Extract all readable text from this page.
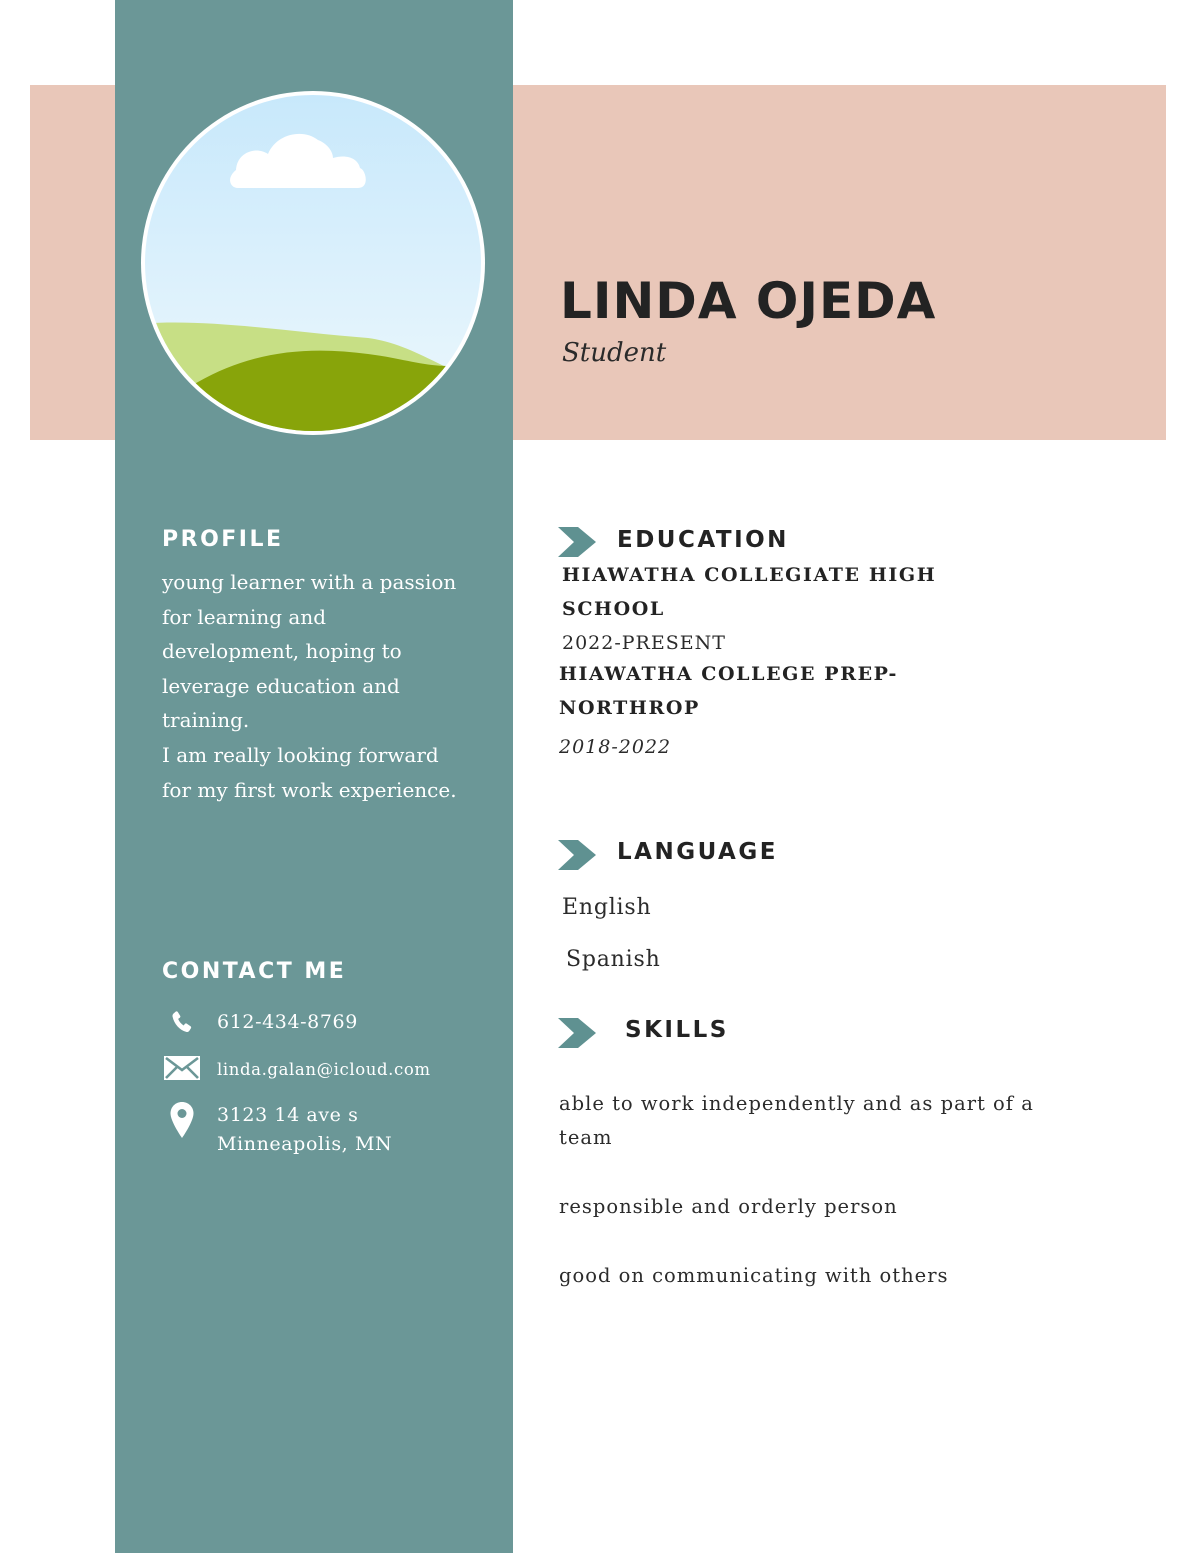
LINDA OJEDA
Student
PROFILE

young learner with a passion for learning and development, hoping to leverage education and training.

I am really looking forward for my first work experience.

CONTACT ME
612-434-8769
linda.galan@icloud.com
3123 14 ave s
Minneapolis, MN
EDUCATION
HIAWATHA COLLEGIATE HIGH SCHOOL
2022-PRESENT
HIAWATHA COLLEGE PREP-NORTHROP
2018-2022
LANGUAGE
English
Spanish
SKILLS
able to work independently and as part of a team
responsible and orderly person
good on communicating with others
